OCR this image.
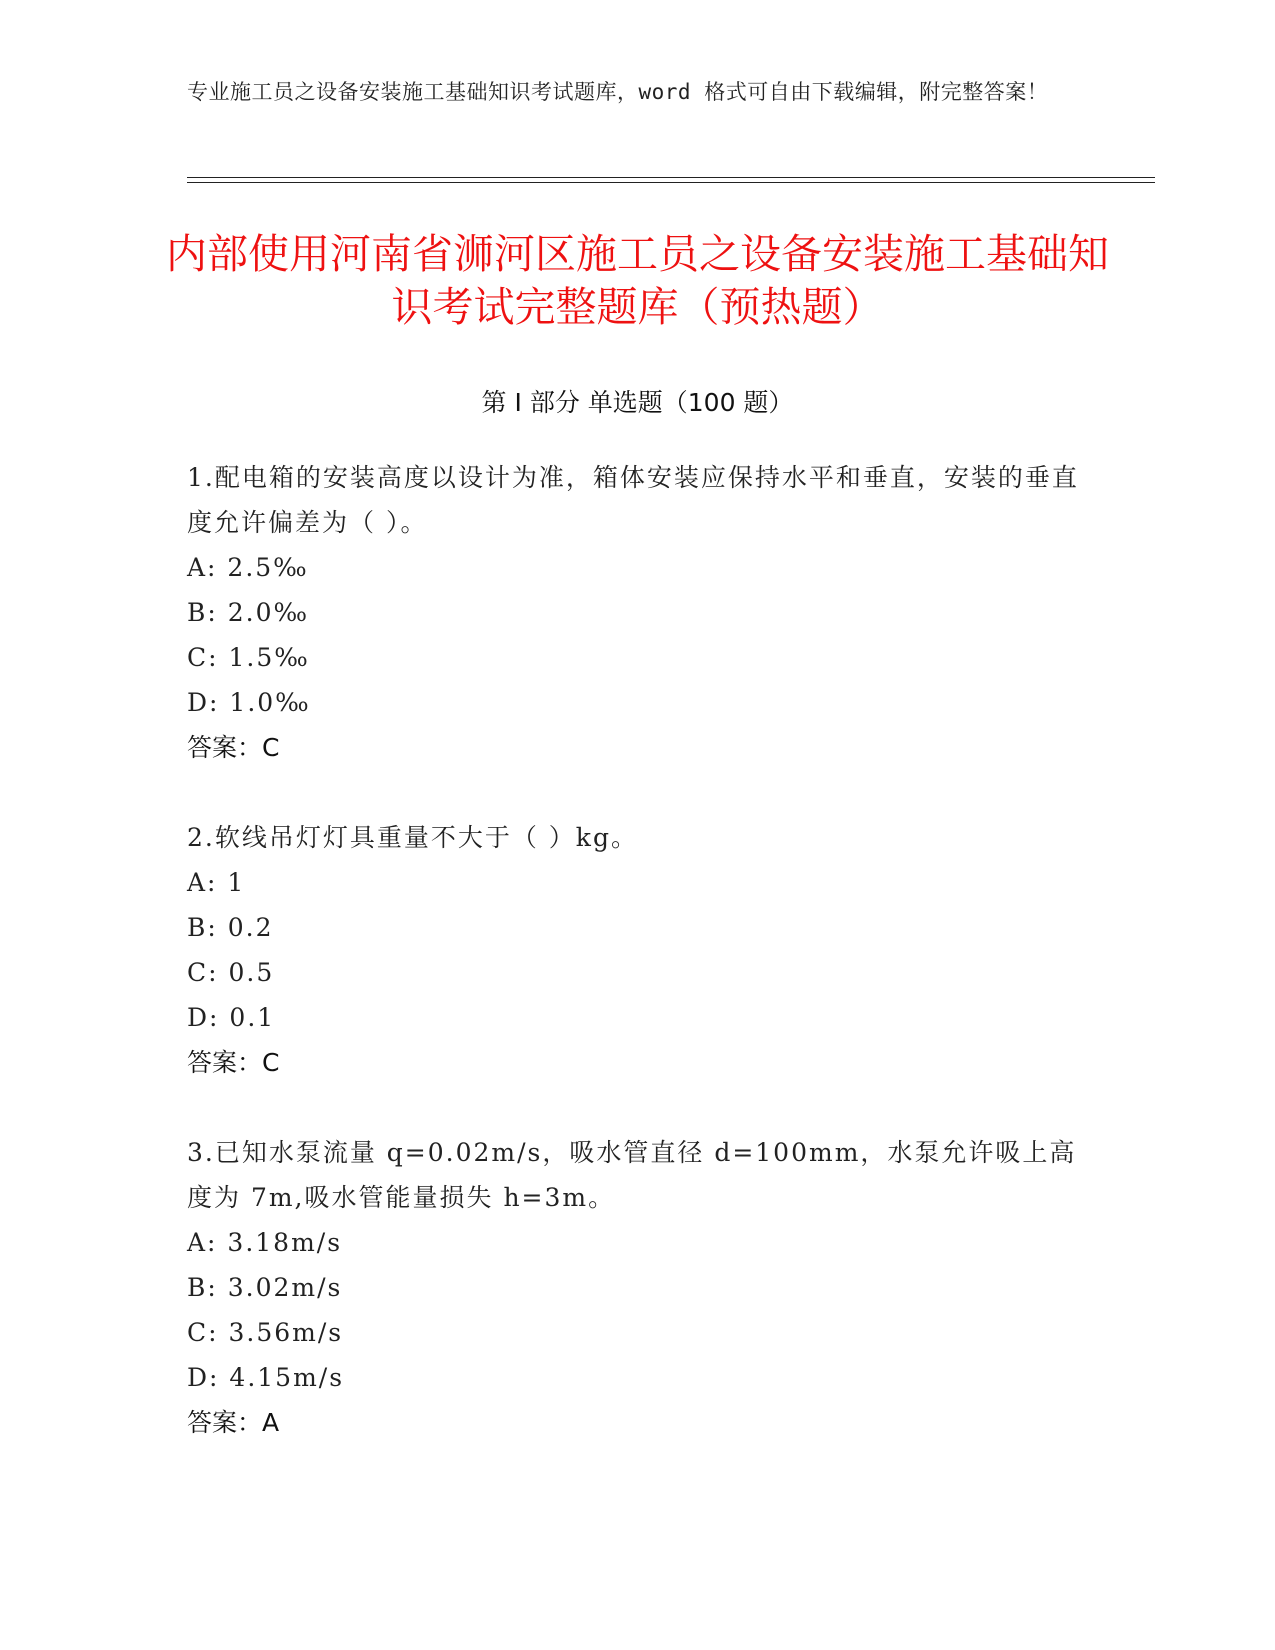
专业施工员之设备安装施工基础知识考试题库，word 格式可自由下载编辑，附完整答案！
内部使用河南省浉河区施工员之设备安装施工基础知识考试完整题库（预热题）
第 I 部分 单选题（100 题）
1.配电箱的安装高度以设计为准，箱体安装应保持水平和垂直，安装的垂直度允许偏差为（ ）。
A: 2.5‰
B: 2.0‰
C: 1.5‰
D: 1.0‰
答案：C
2.软线吊灯灯具重量不大于（ ）kg。
A: 1
B: 0.2
C: 0.5
D: 0.1
答案：C
3.已知水泵流量 q=0.02m/s，吸水管直径 d=100mm，水泵允许吸上高度为 7m,吸水管能量损失 h=3m。
A: 3.18m/s
B: 3.02m/s
C: 3.56m/s
D: 4.15m/s
答案：A
